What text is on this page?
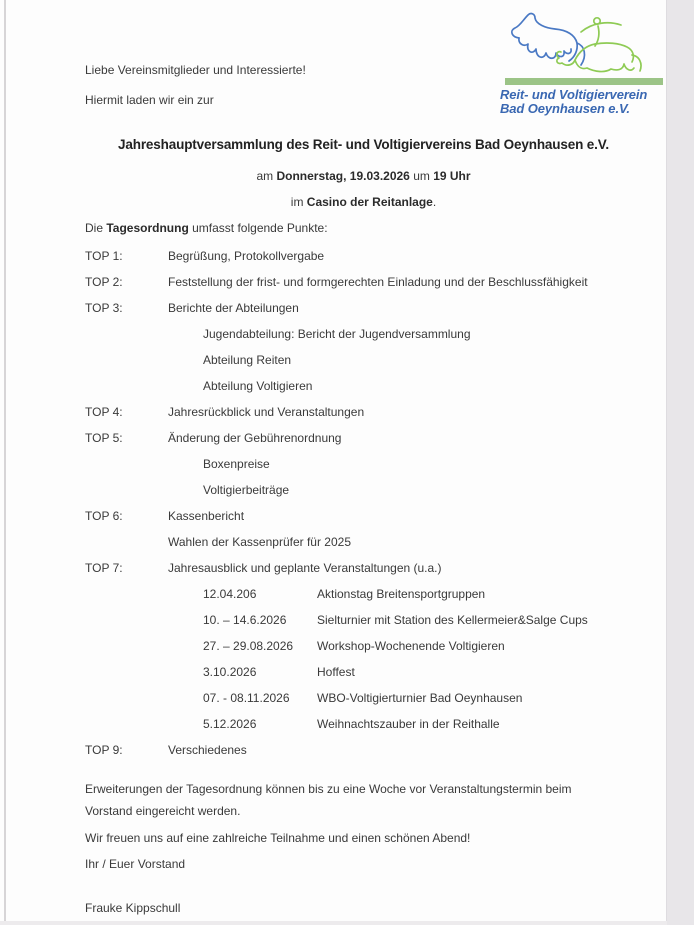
Reit- und Voltigierverein
Bad Oeynhausen e.V.

Liebe Vereinsmitglieder und Interessierte!

Hiermit laden wir ein zur

Jahreshauptversammlung des Reit- und Voltigiervereins Bad Oeynhausen e.V.

am Donnerstag, 19.03.2026 um 19 Uhr

im Casino der Reitanlage.

Die Tagesordnung umfasst folgende Punkte:

TOP 1:	Begrüßung, Protokollvergabe
TOP 2:	Feststellung der frist- und formgerechten Einladung und der Beschlussfähigkeit
TOP 3:	Berichte der Abteilungen
Jugendabteilung: Bericht der Jugendversammlung
Abteilung Reiten
Abteilung Voltigieren
TOP 4:	Jahresrückblick und Veranstaltungen
TOP 5:	Änderung der Gebührenordnung
Boxenpreise
Voltigierbeiträge
TOP 6:	Kassenbericht
Wahlen der Kassenprüfer für 2025
TOP 7:	Jahresausblick und geplante Veranstaltungen (u.a.)
12.04.206	Aktionstag Breitensportgruppen
10. – 14.6.2026	Sielturnier mit Station des Kellermeier&Salge Cups
27. – 29.08.2026 Workshop-Wochenende Voltigieren
3.10.2026	Hoffest
07. - 08.11.2026 WBO-Voltigierturnier Bad Oeynhausen
5.12.2026	Weihnachtszauber in der Reithalle
TOP 9:	Verschiedenes

Erweiterungen der Tagesordnung können bis zu eine Woche vor Veranstaltungstermin beim
Vorstand eingereicht werden.

Wir freuen uns auf eine zahlreiche Teilnahme und einen schönen Abend!

Ihr / Euer Vorstand

Frauke Kippschull
